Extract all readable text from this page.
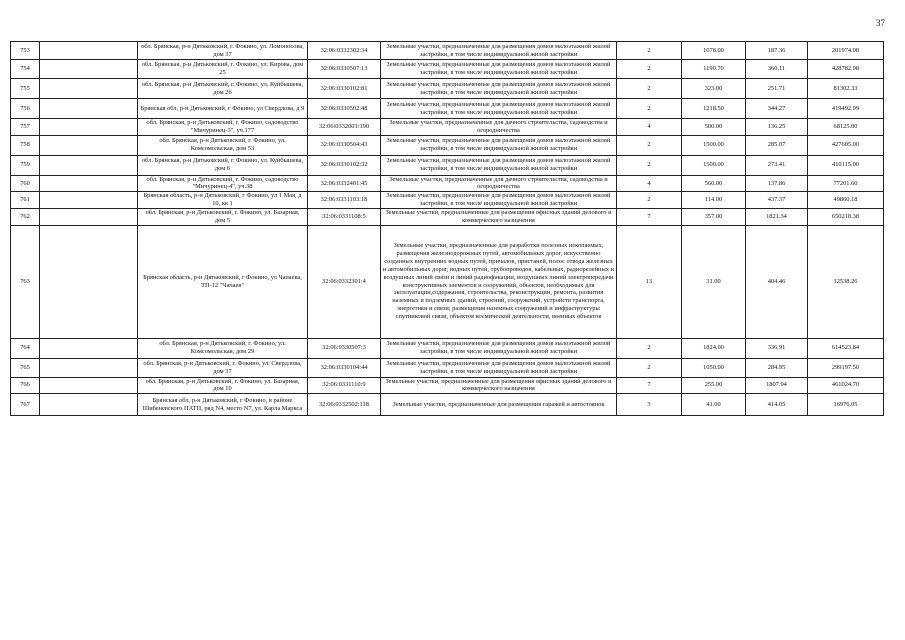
37
753		обл. Брянская, р-н Дятьковский, г. Фокино, ул. Ломоносова, дом 37	32:06:0332302:34	Земельные участки, предназначенные для размещения домов малоэтажной жилой застройки, в том числе индивидуальной жилой застройки	2	1078.00	187.36	201974.08
754		обл. Брянская, р-н Дятьковский, г. Фокино, ул. Кирова, дом 25	32:06:0330507:13	Земельные участки, предназначенные для размещения домов малоэтажной жилой застройки, в том числе индивидуальной жилой застройки	2	1190.70	360.11	428782.98
755		обл. Брянская, р-н Дятьковский, г. Фокино, ул. Куйбышева, дом 26	32:06:0330102:81	Земельные участки, предназначенные для размещения домов малоэтажной жилой застройки, в том числе индивидуальной жилой застройки	2	323.00	251.71	81302.33
756		Брянская обл, р-н Дятьковский, г Фокино, ул Свердлова, д 9	32:06:0330502:48	Земельные участки, предназначенные для размещения домов малоэтажной жилой застройки, в том числе индивидуальной жилой застройки	2	1218.50	344.27	419492.99
757		обл. Брянская, р-н Дятьковский, г. Фокино, садоводство "Мичуринец-3", уч.177	32:06:0332001:190	Земельные участки, предназначенные для дачного строительства, садоводства и огородничества	4	500.00	136.25	68125.00
758		обл. Брянская, р-н Дятьковский, г. Фокино, ул. Комсомольская, дом 53	32:06:0330504:43	Земельные участки, предназначенные для размещения домов малоэтажной жилой застройки, в том числе индивидуальной жилой застройки	2	1500.00	285.07	427605.00
759		обл. Брянская, р-н Дятьковский, г. Фокино, ул. Куйбышева, дом 6	32:06:0330102:32	Земельные участки, предназначенные для размещения домов малоэтажной жилой застройки, в том числе индивидуальной жилой застройки	2	1500.00	273.41	410115.00
760		обл. Брянская, р-н Дятьковский, г. Фокино, садоводство "Мичуринец-4", уч.38	32:06:0332401:45	Земельные участки, предназначенные для дачного строительства, садоводства и огородничества	4	560.00	137.86	77201.60
761		Брянская область, р-н Дятьковский, г Фокино, ул 1 Мая, д 10, кв 1	32:06:0331103:18	Земельные участки, предназначенные для размещения домов малоэтажной жилой застройки, в том числе индивидуальной жилой застройки	2	114.00	437.37	49860.18
762		обл. Брянская, р-н Дятьковский, г. Фокино, ул. Базарная, дом 5	32:06:0331108:5	Земельные участки, предназначенные для размещения офисных зданий делового и коммерческого назначения	7	357.00	1821.34	650218.38
763		Брянская область, р-н Дятьковский, г Фокино, ул Чапаева, ТП-12 "Чапаев"	32:06:0332301:4	Земельные участки, предназначенные для разработки полезных ископаемых, размещения железнодорожных путей, автомобильных дорог, искусственно созданных внутренних водных путей, причалов, пристаней, полос отвода железных и автомобильных дорог, водных путей, трубопроводов, кабельных, радиорелейных и воздушных линий связи и линий радиофикации, воздушных линий электропередачи конструктивных элементов и сооружений, объектов, необходимых для эксплуатации,содержания, строительства, реконструкции, ремонта, развития наземных и подземных зданий, строений, сооружений, устройств транспорта, энергетики и связи; размещения наземных сооружений и инфраструктуры спутниковой связи, объектов космической деятельности, военных объектов	13	31.00	404.46	12538.26
764		обл. Брянская, р-н Дятьковский, г. Фокино, ул. Комсомольская, дом 29	32:06:0330507:3	Земельные участки, предназначенные для размещения домов малоэтажной жилой застройки, в том числе индивидуальной жилой застройки	2	1824.00	336.91	614523.84
765		обл. Брянская, р-н Дятьковский, г. Фокино, ул. Свердлова, дом 37	32:06:0330104:44	Земельные участки, предназначенные для размещения домов малоэтажной жилой застройки, в том числе индивидуальной жилой застройки	2	1050.00	284.95	299197.50
766		обл. Брянская, р-н Дятьковский, г. Фокино, ул. Базарная, дом 10	32:06:0331110:9	Земельные участки, предназначенные для размещения офисных зданий делового и коммерческого назначения	7	255.00	1807.94	461024.70
767		Брянская обл, р-н Дятьковский, г Фокино, в районе Шибеневского ПАТП, ряд N4, место N7, ул. Карла Маркса	32:06:0332502:118	Земельные участки, предназначенные для размещения гаражей и автостоянок	3	41.00	414.05	16976.05
